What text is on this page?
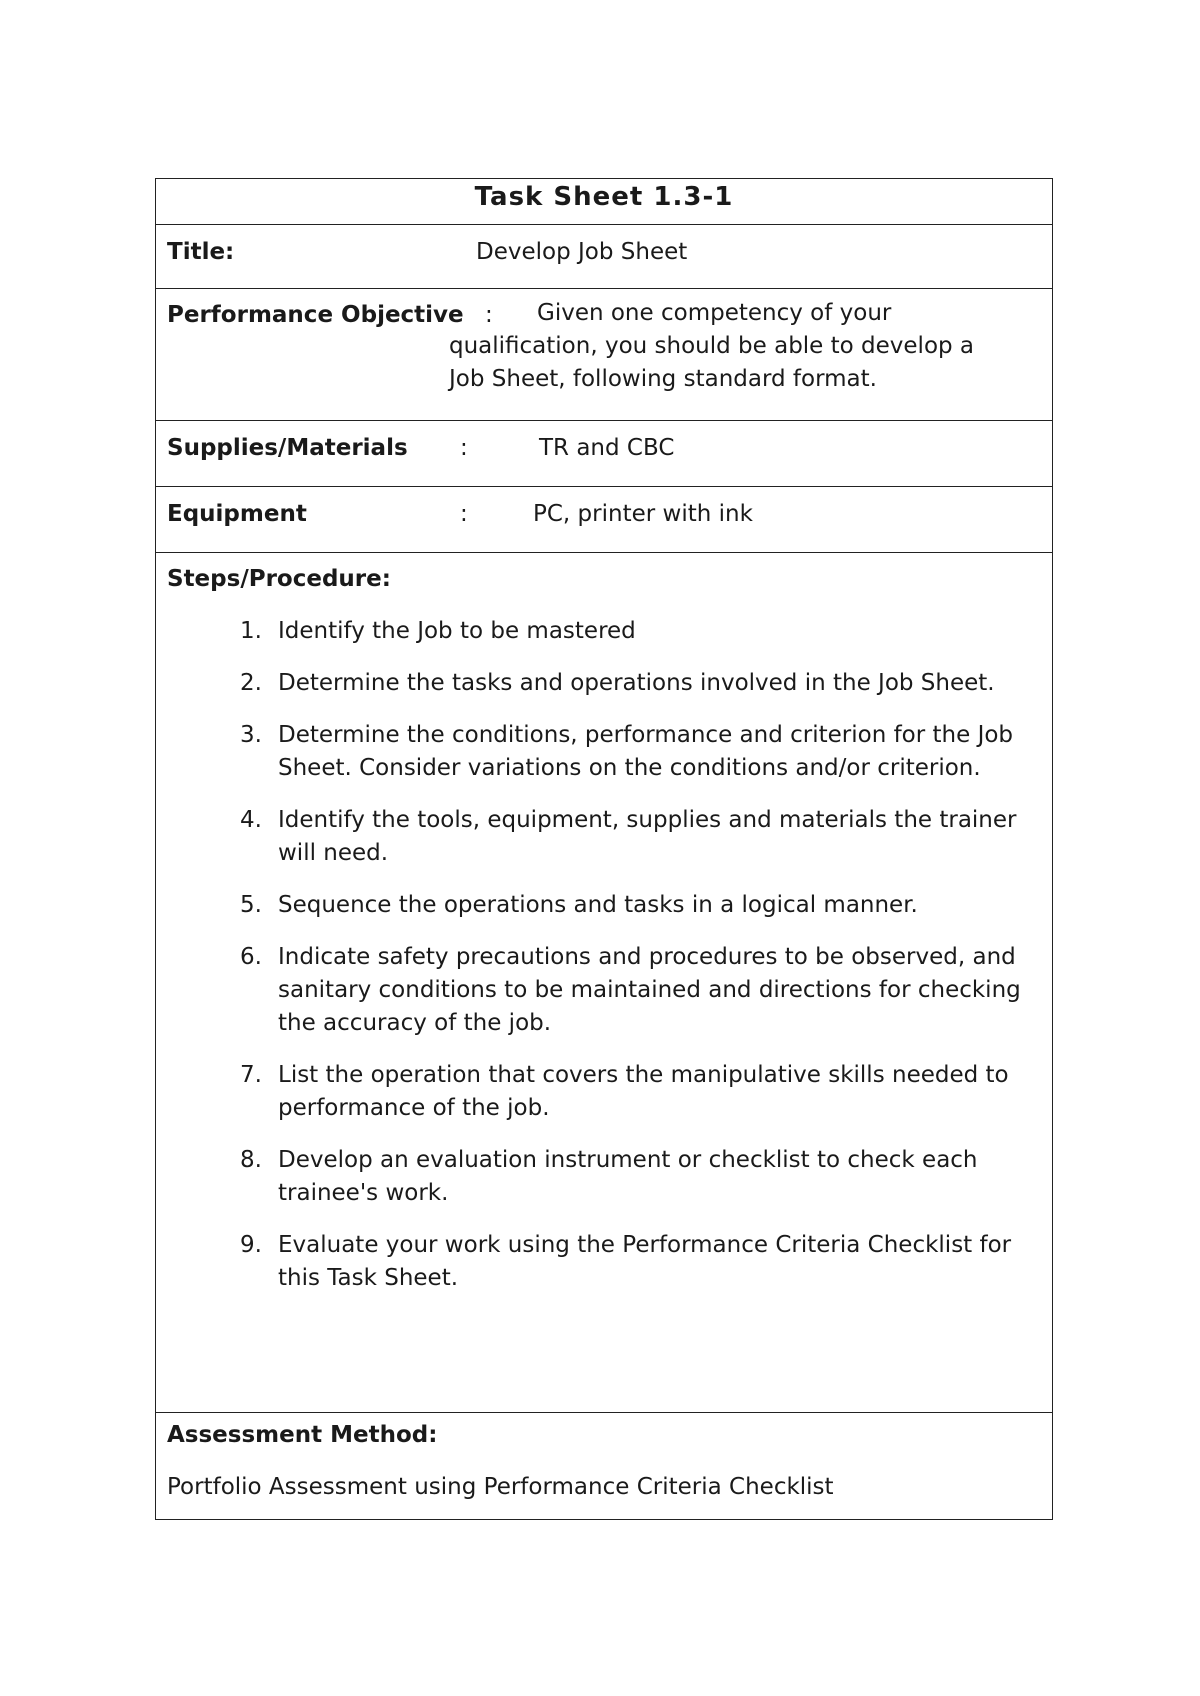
Task Sheet 1.3-1
Title:	Develop Job Sheet
Performance Objective :	Given one competency of your
qualification, you should be able to develop a
Job Sheet, following standard format.
Supplies/Materials :	TR and CBC
Equipment	:	PC, printer with ink
Steps/Procedure:
1. Identify the Job to be mastered
2. Determine the tasks and operations involved in the Job Sheet.
3. Determine the conditions, performance and criterion for the Job Sheet. Consider variations on the conditions and/or criterion.
4. Identify the tools, equipment, supplies and materials the trainer will need.
5. Sequence the operations and tasks in a logical manner.
6. Indicate safety precautions and procedures to be observed, and sanitary conditions to be maintained and directions for checking the accuracy of the job.
7. List the operation that covers the manipulative skills needed to performance of the job.
8. Develop an evaluation instrument or checklist to check each trainee's work.
9. Evaluate your work using the Performance Criteria Checklist for this Task Sheet.
Assessment Method:
Portfolio Assessment using Performance Criteria Checklist
